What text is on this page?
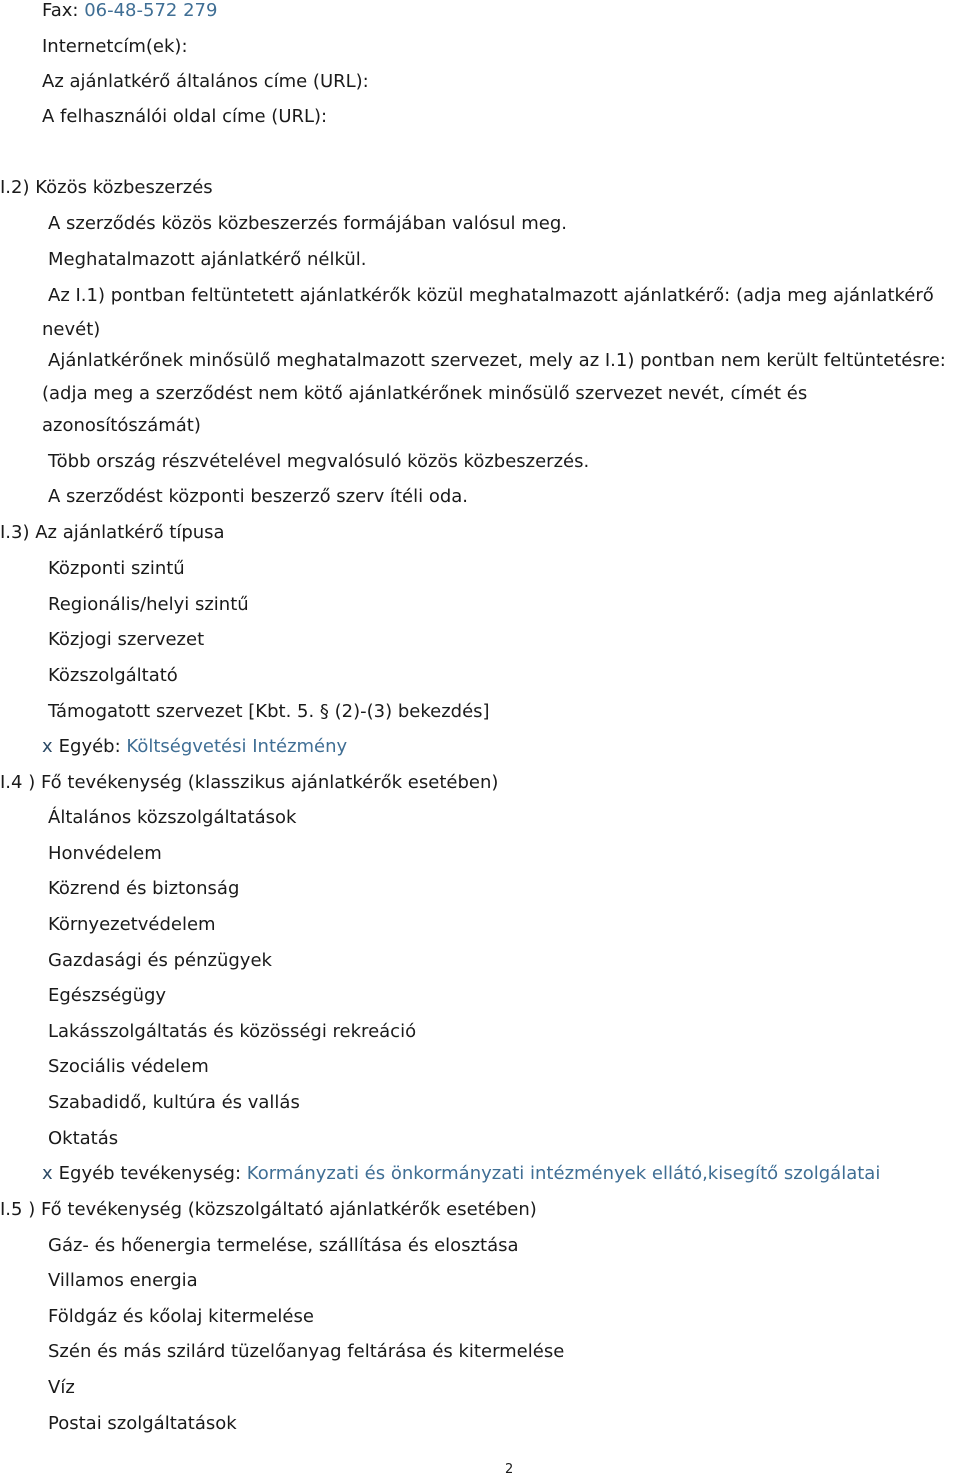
Fax: 06-48-572 279
Internetcím(ek):
Az ajánlatkérő általános címe (URL):
A felhasználói oldal címe (URL):
I.2) Közös közbeszerzés
A szerződés közös közbeszerzés formájában valósul meg.
Meghatalmazott ajánlatkérő nélkül.
Az I.1) pontban feltüntetett ajánlatkérők közül meghatalmazott ajánlatkérő: (adja meg ajánlatkérő
nevét)
Ajánlatkérőnek minősülő meghatalmazott szervezet, mely az I.1) pontban nem került feltüntetésre:
(adja meg a szerződést nem kötő ajánlatkérőnek minősülő szervezet nevét, címét és
azonosítószámát)
Több ország részvételével megvalósuló közös közbeszerzés.
A szerződést központi beszerző szerv ítéli oda.
I.3) Az ajánlatkérő típusa
Központi szintű
Regionális/helyi szintű
Közjogi szervezet
Közszolgáltató
Támogatott szervezet [Kbt. 5. § (2)-(3) bekezdés]
x Egyéb: Költségvetési Intézmény
I.4 ) Fő tevékenység (klasszikus ajánlatkérők esetében)
Általános közszolgáltatások
Honvédelem
Közrend és biztonság
Környezetvédelem
Gazdasági és pénzügyek
Egészségügy
Lakásszolgáltatás és közösségi rekreáció
Szociális védelem
Szabadidő, kultúra és vallás
Oktatás
x Egyéb tevékenység: Kormányzati és önkormányzati intézmények ellátó,kisegítő szolgálatai
I.5 ) Fő tevékenység (közszolgáltató ajánlatkérők esetében)
Gáz- és hőenergia termelése, szállítása és elosztása
Villamos energia
Földgáz és kőolaj kitermelése
Szén és más szilárd tüzelőanyag feltárása és kitermelése
Víz
Postai szolgáltatások
2
